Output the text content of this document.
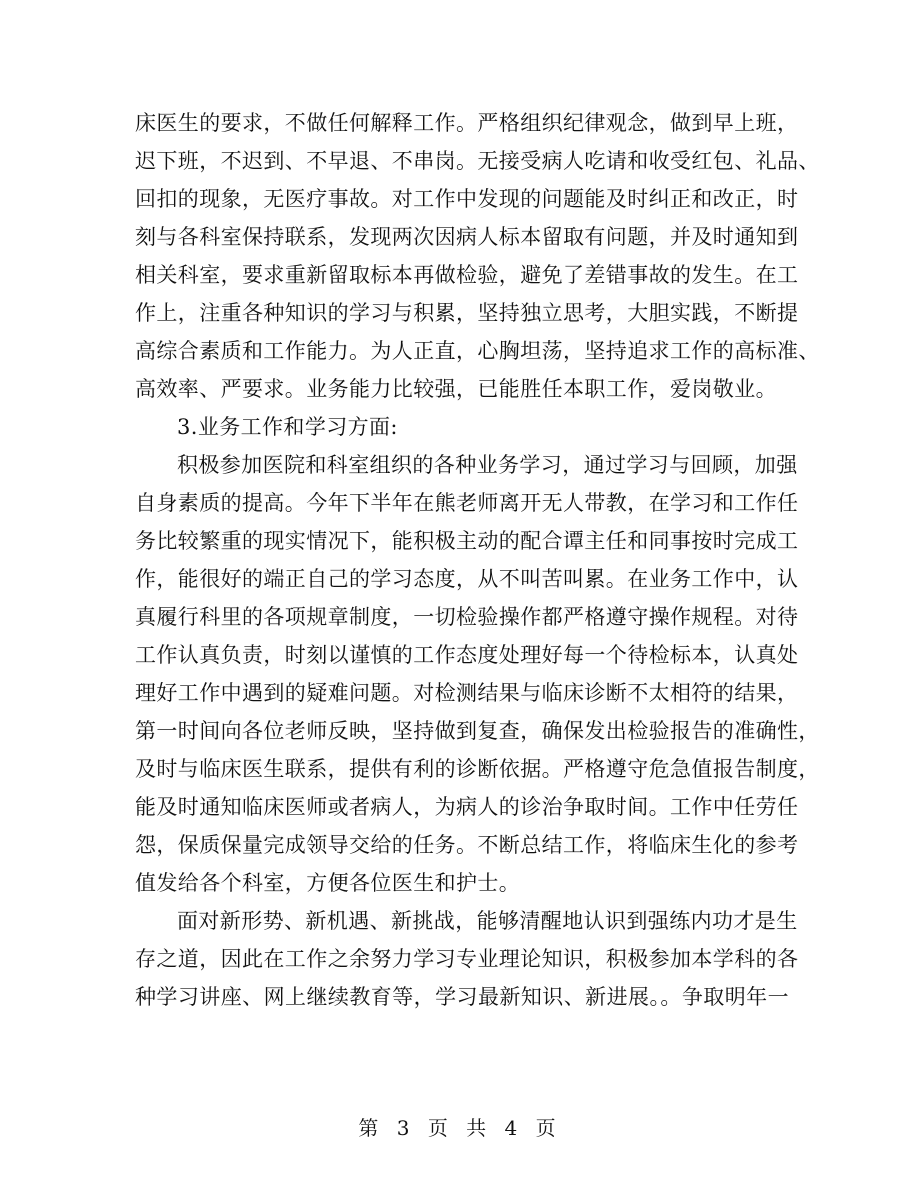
床医生的要求，不做任何解释工作。严格组织纪律观念，做到早上班，
迟下班，不迟到、不早退、不串岗。无接受病人吃请和收受红包、礼品、
回扣的现象，无医疗事故。对工作中发现的问题能及时纠正和改正，时
刻与各科室保持联系，发现两次因病人标本留取有问题，并及时通知到
相关科室，要求重新留取标本再做检验，避免了差错事故的发生。在工
作上，注重各种知识的学习与积累，坚持独立思考，大胆实践，不断提
高综合素质和工作能力。为人正直，心胸坦荡，坚持追求工作的高标准、
高效率、严要求。业务能力比较强，已能胜任本职工作，爱岗敬业。
3.业务工作和学习方面:
积极参加医院和科室组织的各种业务学习，通过学习与回顾，加强
自身素质的提高。今年下半年在熊老师离开无人带教，在学习和工作任
务比较繁重的现实情况下，能积极主动的配合谭主任和同事按时完成工
作，能很好的端正自己的学习态度，从不叫苦叫累。在业务工作中，认
真履行科里的各项规章制度，一切检验操作都严格遵守操作规程。对待
工作认真负责，时刻以谨慎的工作态度处理好每一个待检标本，认真处
理好工作中遇到的疑难问题。对检测结果与临床诊断不太相符的结果，
第一时间向各位老师反映，坚持做到复查，确保发出检验报告的准确性，
及时与临床医生联系，提供有利的诊断依据。严格遵守危急值报告制度，
能及时通知临床医师或者病人，为病人的诊治争取时间。工作中任劳任
怨，保质保量完成领导交给的任务。不断总结工作，将临床生化的参考
值发给各个科室，方便各位医生和护士。
面对新形势、新机遇、新挑战，能够清醒地认识到强练内功才是生
存之道，因此在工作之余努力学习专业理论知识，积极参加本学科的各
种学习讲座、网上继续教育等，学习最新知识、新进展。。争取明年一
第 3 页 共 4 页
